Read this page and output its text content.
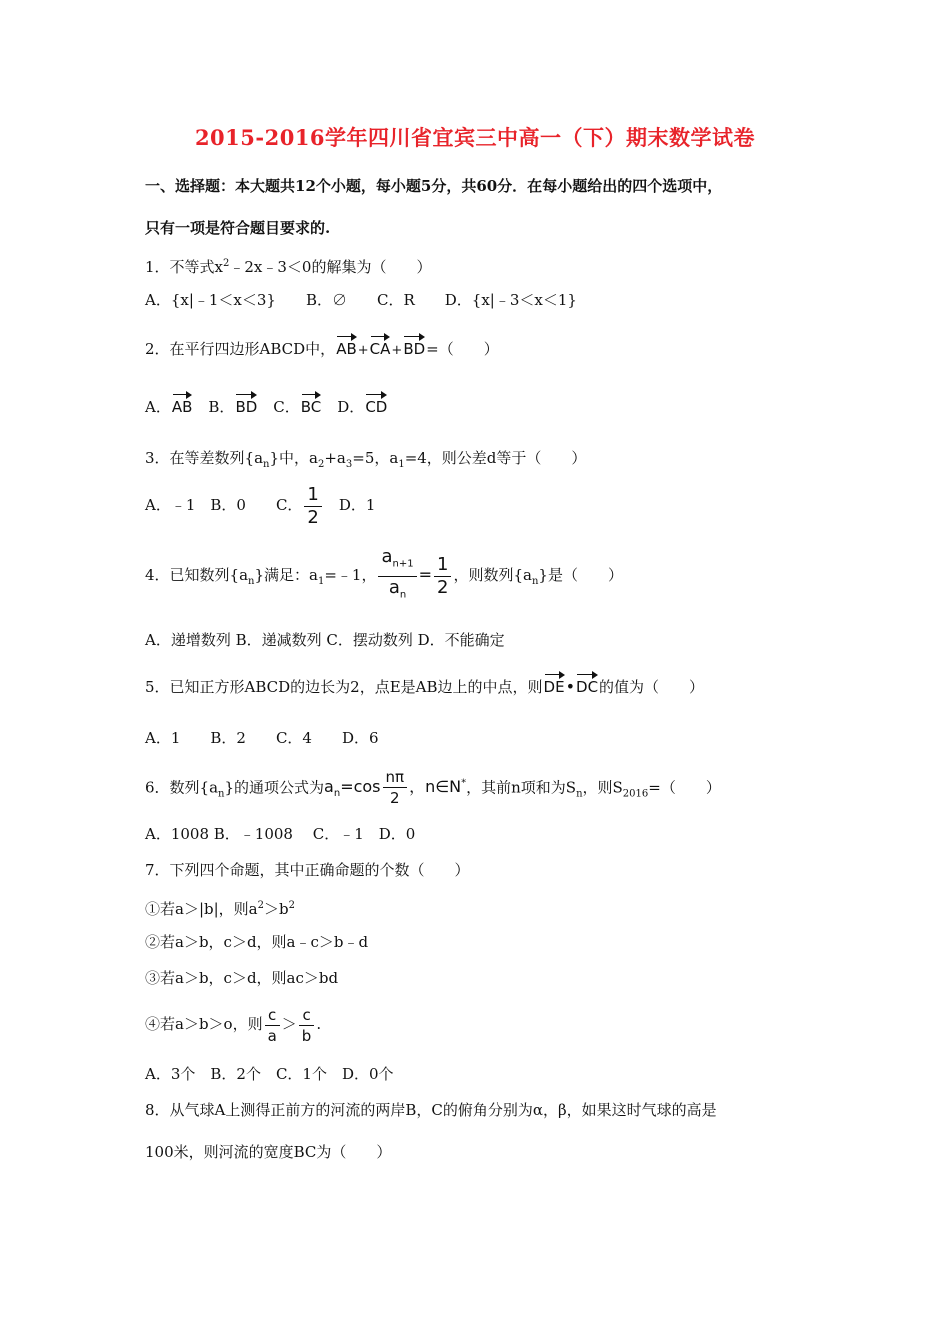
2015-2016学年四川省宜宾三中高一（下）期末数学试卷
一、选择题：本大题共12个小题，每小题5分，共60分．在每小题给出的四个选项中，
只有一项是符合题目要求的.
1．不等式$x^2﹣2x﹣3<0$的解集为（　　）
A．{x|﹣1＜x＜3}　　B．∅　　C．R　　D．{x|﹣3＜x＜1}
2．在平行四边形ABCD中，AB+CA+BD=（　　）
A．AB　B．BD　C．BC　D．CD
3．在等差数列$\{a_n\}$中，$a_2+a_3=5$，$a_1=4$，则公差d等于（　　）
A．﹣1　B．0　　C． $\frac{1}{2}$ 　D．1
4．已知数列$\{a_n\}$满足：$a_1=﹣1$， $\frac{a_{n+1}}{a_n} = \frac{1}{2}$ ，则数列$\{a_n\}$是（　　）
A．递增数列 B．递减数列 C．摆动数列 D．不能确定
5．已知正方形ABCD的边长为2，点E是AB边上的中点，则DE•DC的值为（　　）
A．1　　B．2　　C．4　　D．6
6．数列$\{a_n\}$的通项公式为$a_n=\cos \frac{n\pi}{2}$ ，n∈N*，其前n项和为$S_n$，则$S_{2016}=$（　　）
A．1008 B．﹣1008　 C．﹣1　D．0
7．下列四个命题，其中正确命题的个数（　　）
①若a＞|b|，则$a^2>b^2$
②若a＞b，c＞d，则a﹣c＞b﹣d
③若a＞b，c＞d，则ac＞bd
④若a＞b＞o，则 $\frac{c}{a} > \frac{c}{b}$ .
A．3个　B．2个　C．1个　D．0个
8．从气球A上测得正前方的河流的两岸B，C的俯角分别为α，β，如果这时气球的高是
100米，则河流的宽度BC为（　　）
